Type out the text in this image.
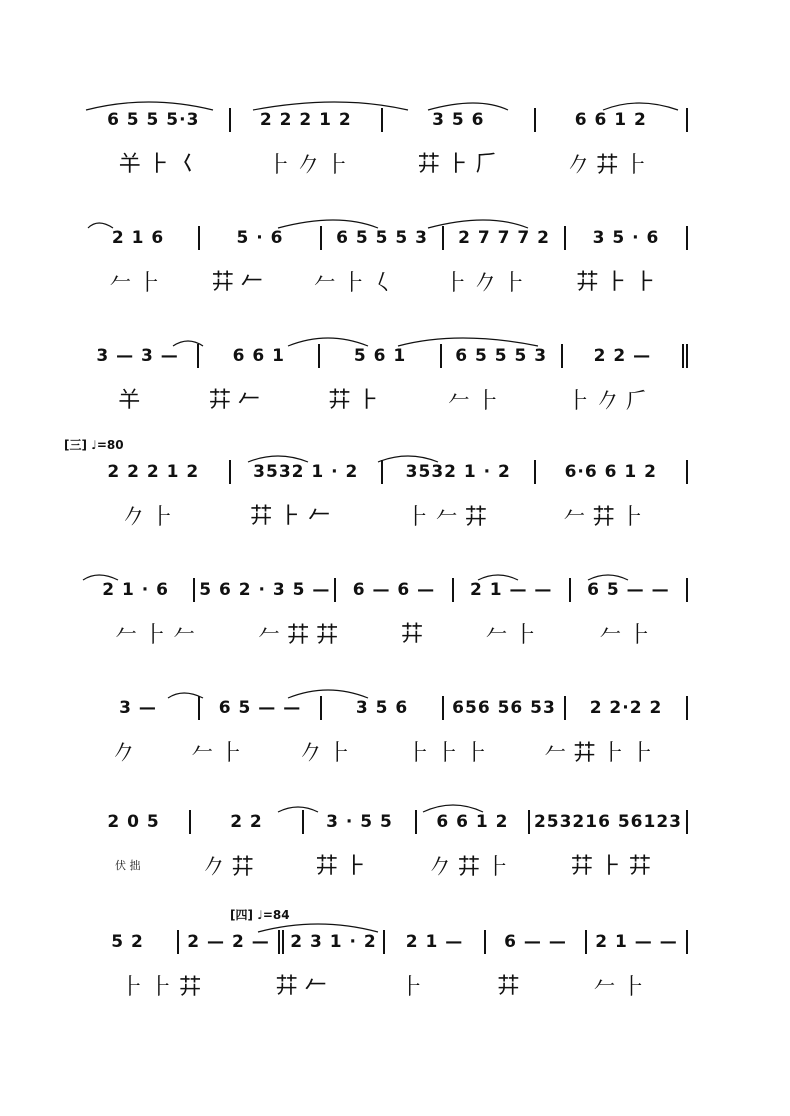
6 5 5 5·3	2 2 2 1 2	3 5 6	6 6 1 2
𢆉 ⺊ 𡿨	⺊ 𠂊 ⺊	𦬇 ⺊ 𠂆	𠂊 𦬇 ⺊
2 1 6	5 · 6	6 5 5 5 3	2 7 7 7 2	3 5 · 6
𠂉 ⺊ 𦬇 𠂉 𠂉 ⺊ 𡿨 ⺊ 𠂊 ⺊ 𦬇 ⺊ ⺊
3 — 3 —	6 6 1	5 6 1	6 5 5 5 3	2 2 —
𢆉	𦬇 𠂉	𦬇 ⺊	𠂉 ⺊	⺊ 𠂊 𠂆
[三] ♩=80
2 2 2 1 2	3532 1 · 2	3532 1 · 2	6·6 6 1 2
𠂊 ⺊	𦬇 ⺊ 𠂉	⺊ 𠂉 𦬇	𠂉 𦬇 ⺊
2 1 · 6	5 6 2 · 3 5 —	6 — 6 —	2 1 — —	6 5 — —
𠂉 ⺊ 𠂉	𠂉 𦬇 𦬇	𦬇	𠂉 ⺊	𠂉 ⺊
3 —	6 5 — —	3 5 6	656 56 53	2 2·2 2
𠂊	𠂉 ⺊	𠂊 ⺊	⺊ ⺊ ⺊	𠂉 𦬇 ⺊ ⺊
2 0 5	2 2	3 · 5 5	6 6 1 2	253216 56123
伏 拙	𠂊 𦬇	𦬇 ⺊	𠂊 𦬇 ⺊	𦬇 ⺊ 𦬇
[四] ♩=84
5 2	2 — 2 —	2 3 1 · 2	2 1 —	6 — —	2 1 — —
⺊ ⺊ 𦬇	𦬇 𠂉	⺊	𦬇	𠂉 ⺊
